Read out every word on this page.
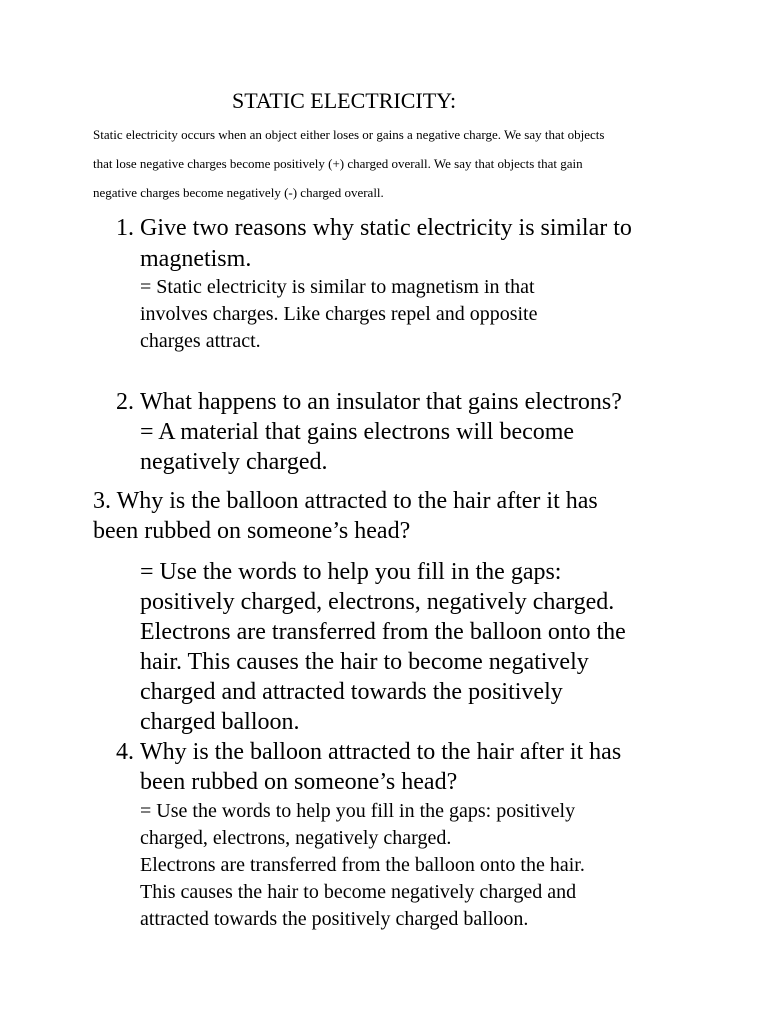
STATIC ELECTRICITY:
Static electricity occurs when an object either loses or gains a negative charge. We say that objects
that lose negative charges become positively (+) charged overall. We say that objects that gain
negative charges become negatively (-) charged overall.
1. Give two reasons why static electricity is similar to
magnetism.
= Static electricity is similar to magnetism in that
involves charges. Like charges repel and opposite
charges attract.
2. What happens to an insulator that gains electrons?
= A material that gains electrons will become
negatively charged.
3. Why is the balloon attracted to the hair after it has
been rubbed on someone’s head?
= Use the words to help you fill in the gaps:
positively charged, electrons, negatively charged.
Electrons are transferred from the balloon onto the
hair. This causes the hair to become negatively
charged and attracted towards the positively
charged balloon.
4. Why is the balloon attracted to the hair after it has
been rubbed on someone’s head?
= Use the words to help you fill in the gaps: positively
charged, electrons, negatively charged.
Electrons are transferred from the balloon onto the hair.
This causes the hair to become negatively charged and
attracted towards the positively charged balloon.
